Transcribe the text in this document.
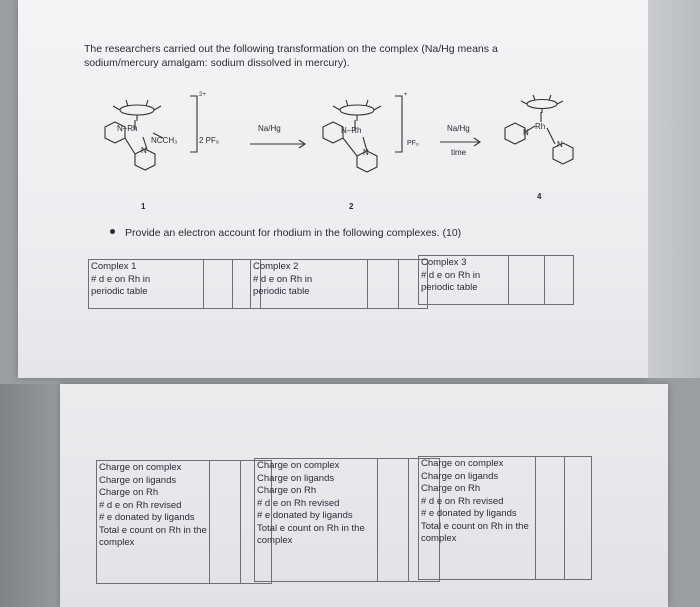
The researchers carried out the following transformation on the complex (Na/Hg means a sodium/mercury amalgam: sodium dissolved in mercury).
N–Rh
N
NCCH₃
2+
2 PF₆
1
Na/Hg	N–Rh
N
+
PF₆
2
Na/Hg
time
Rh
N
N
4
Provide an electron account for rhodium in the following complexes. (10)
Complex 1
# d e on Rh in
periodic table

Complex 2
# d e on Rh in
periodic table

Complex 3
# d e on Rh in
periodic table

Charge on complex
Charge on ligands
Charge on Rh
# d e on Rh revised
# e donated by ligands
Total e count on Rh in the complex

Charge on complex
Charge on ligands
Charge on Rh
# d e on Rh revised
# e donated by ligands
Total e count on Rh in the complex

Charge on complex
Charge on ligands
Charge on Rh
# d e on Rh revised
# e donated by ligands
Total e count on Rh in the complex
